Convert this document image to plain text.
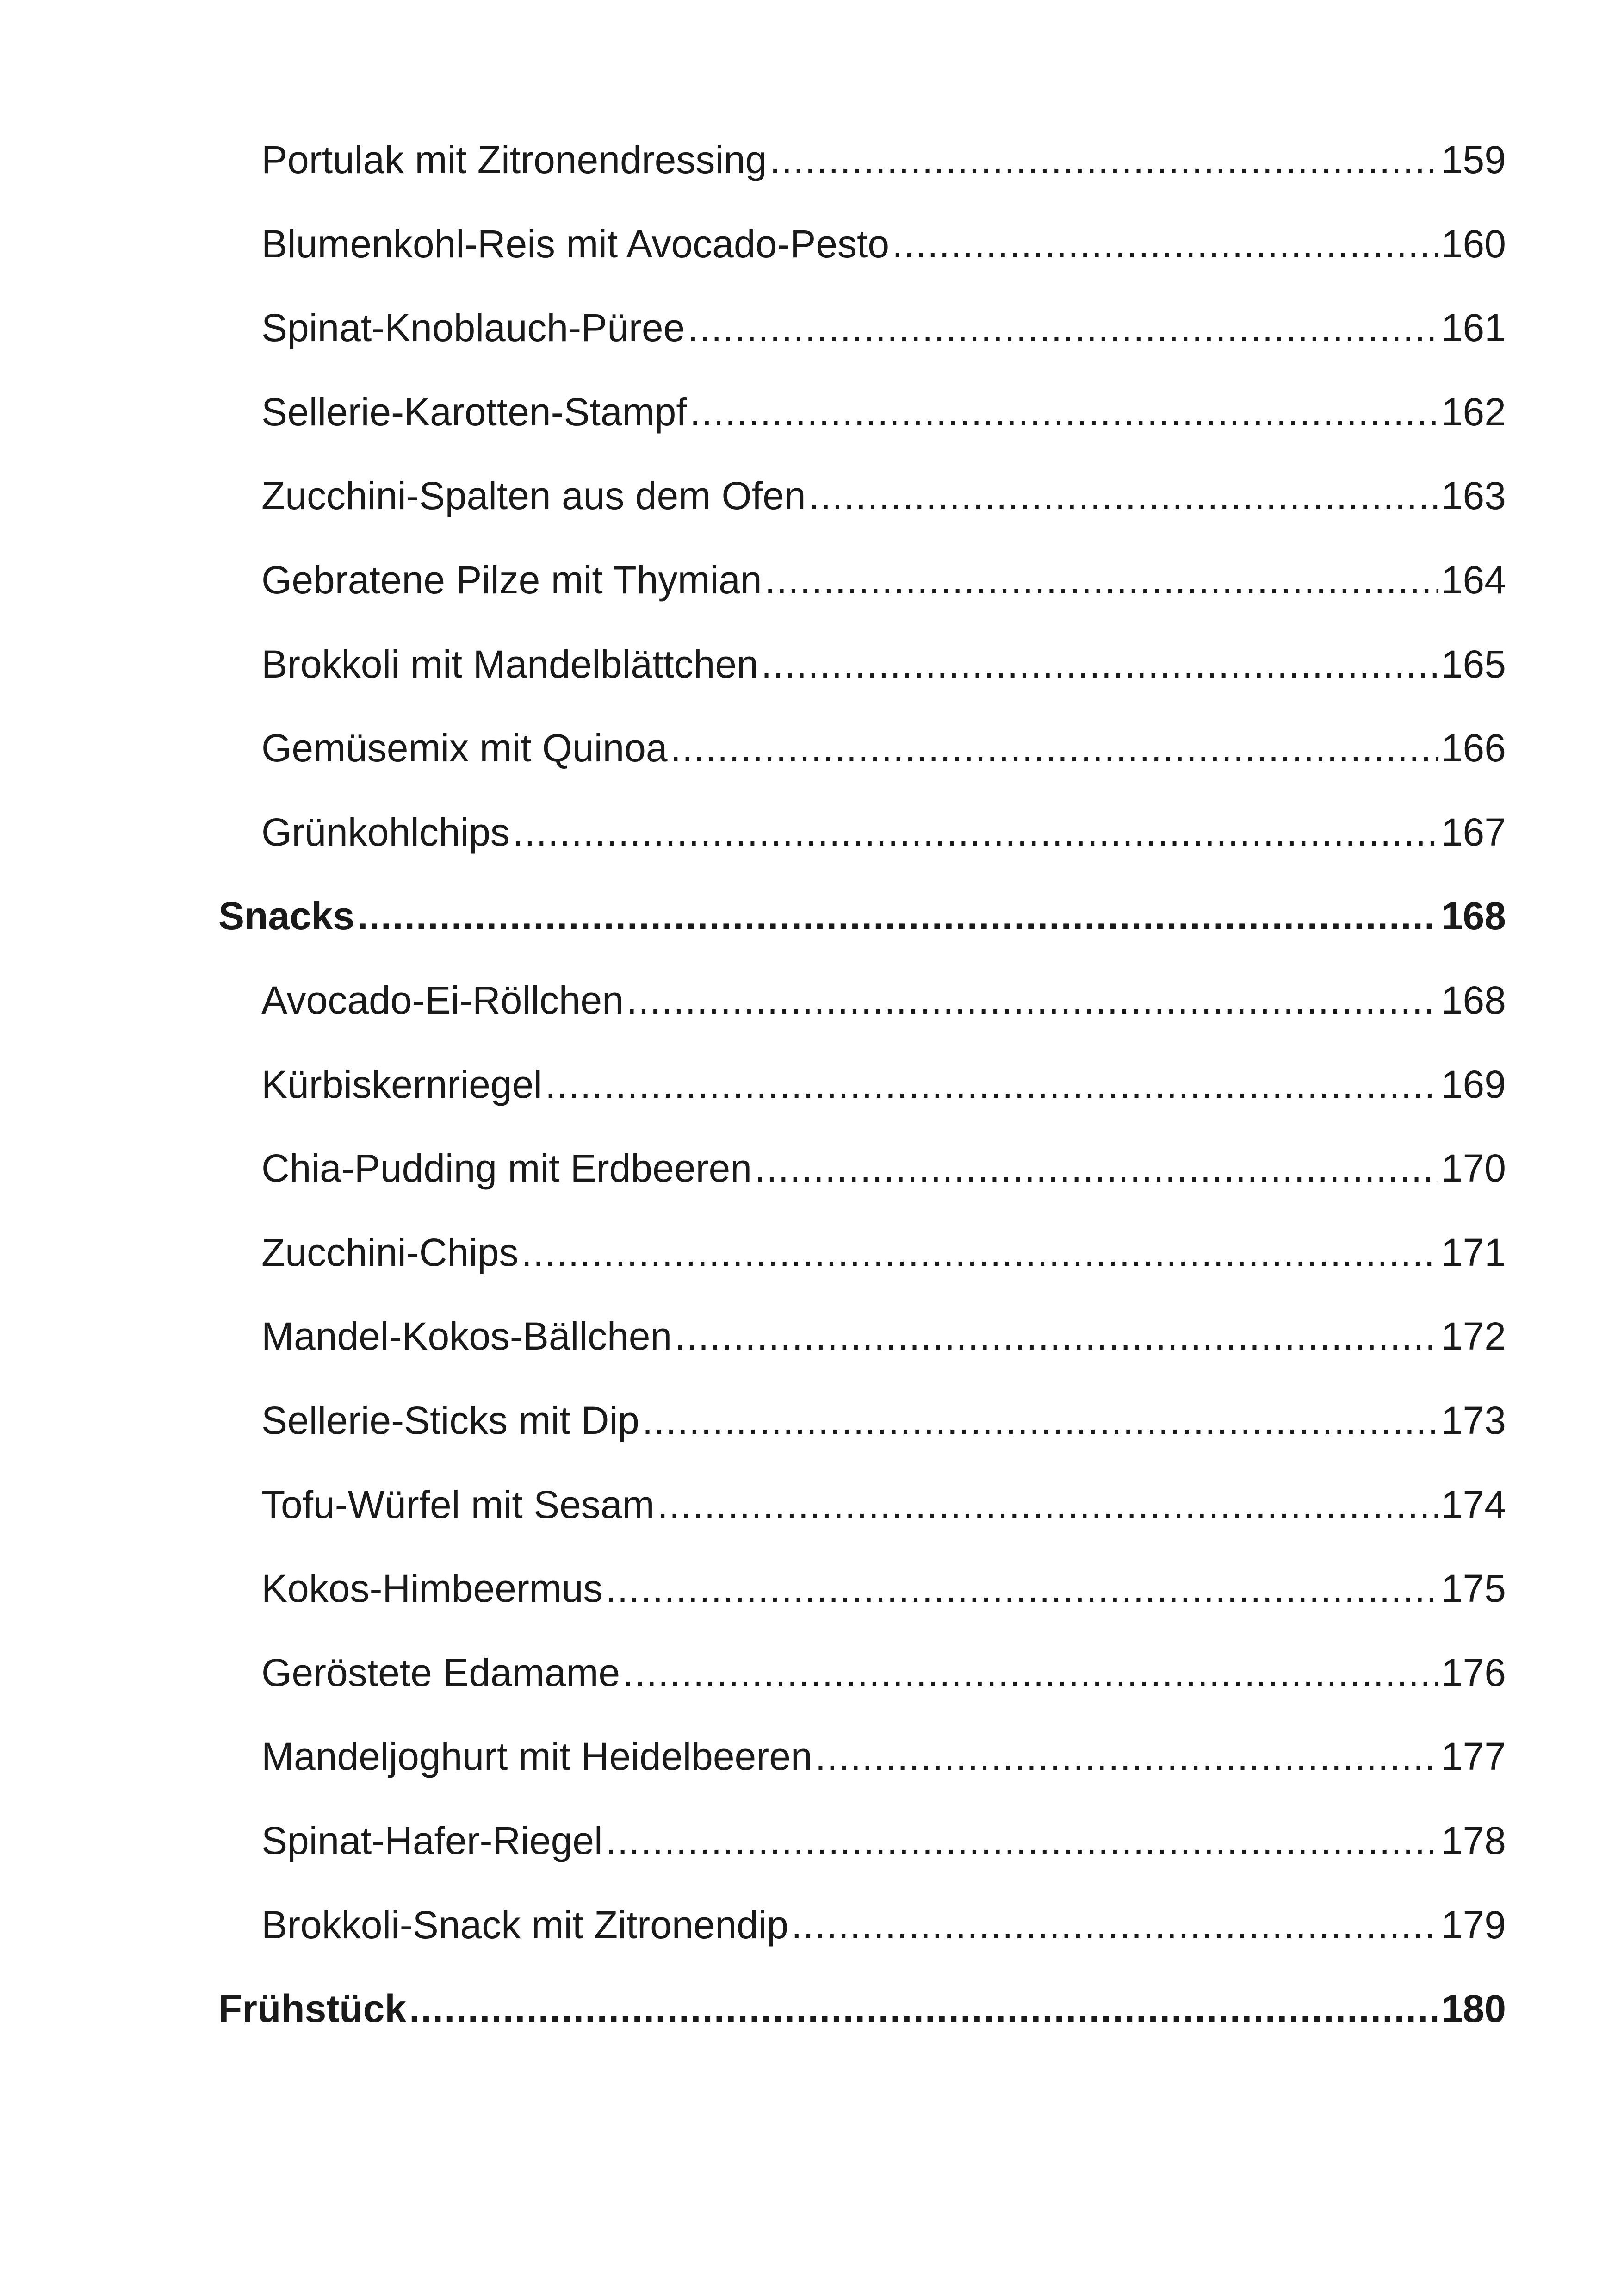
Portulak mit Zitronendressing .....	159
Blumenkohl-Reis mit Avocado-Pesto .....	160
Spinat-Knoblauch-Püree .....	161
Sellerie-Karotten-Stampf .....	162
Zucchini-Spalten aus dem Ofen .....	163
Gebratene Pilze mit Thymian .....	164
Brokkoli mit Mandelblättchen .....	165
Gemüsemix mit Quinoa .....	166
Grünkohlchips .....	167
Snacks .....	168
Avocado-Ei-Röllchen .....	168
Kürbiskernriegel .....	169
Chia-Pudding mit Erdbeeren .....	170
Zucchini-Chips .....	171
Mandel-Kokos-Bällchen .....	172
Sellerie-Sticks mit Dip .....	173
Tofu-Würfel mit Sesam .....	174
Kokos-Himbeermus .....	175
Geröstete Edamame .....	176
Mandeljoghurt mit Heidelbeeren .....	177
Spinat-Hafer-Riegel .....	178
Brokkoli-Snack mit Zitronendip .....	179
Frühstück .....	180
